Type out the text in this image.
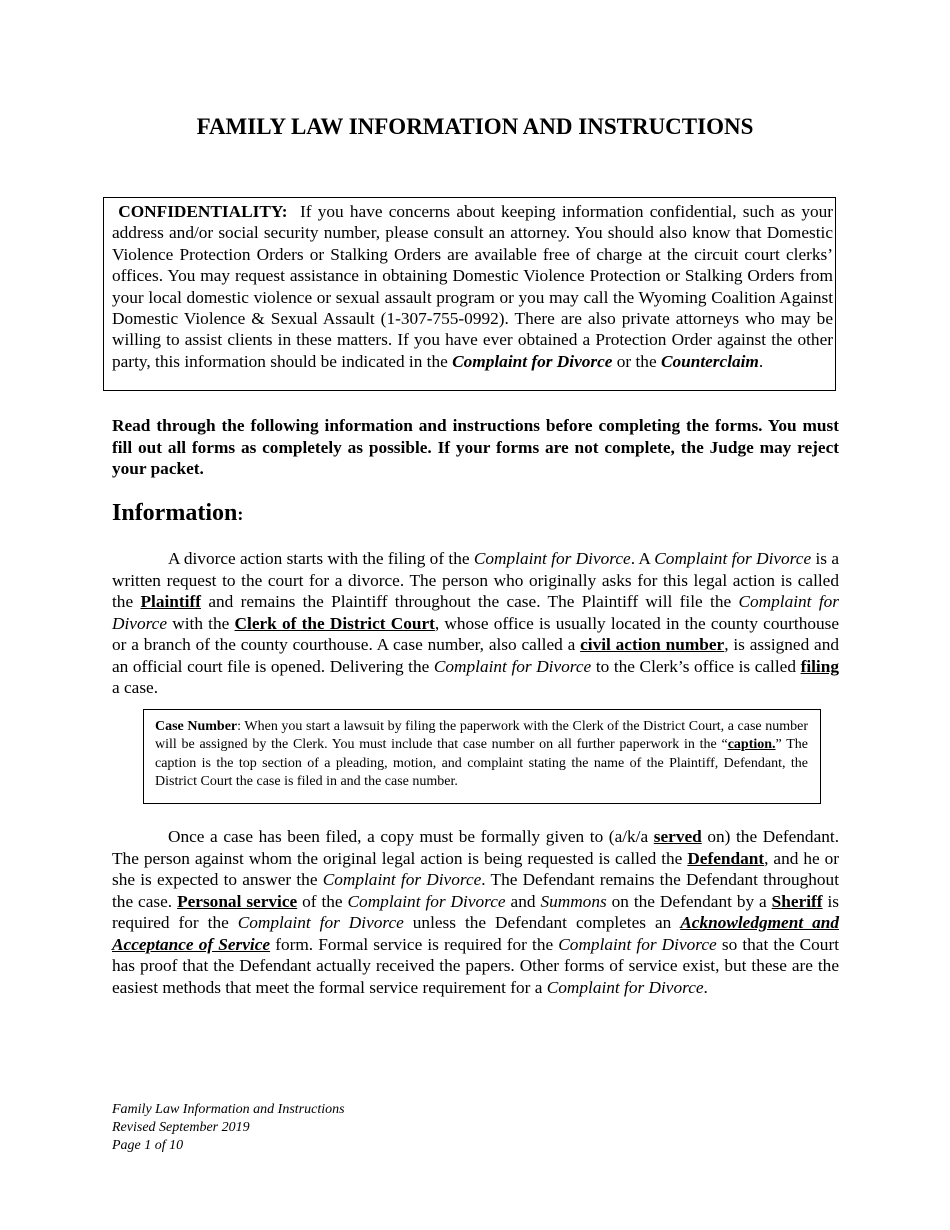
FAMILY LAW INFORMATION AND INSTRUCTIONS

CONFIDENTIALITY: If you have concerns about keeping information confidential, such as your address and/or social security number, please consult an attorney. You should also know that Domestic Violence Protection Orders or Stalking Orders are available free of charge at the circuit court clerks’ offices. You may request assistance in obtaining Domestic Violence Protection or Stalking Orders from your local domestic violence or sexual assault program or you may call the Wyoming Coalition Against Domestic Violence & Sexual Assault (1-307-755-0992). There are also private attorneys who may be willing to assist clients in these matters. If you have ever obtained a Protection Order against the other party, this information should be indicated in the Complaint for Divorce or the Counterclaim.

Read through the following information and instructions before completing the forms. You must fill out all forms as completely as possible. If your forms are not complete, the Judge may reject your packet.

Information:

A divorce action starts with the filing of the Complaint for Divorce. A Complaint for Divorce is a written request to the court for a divorce. The person who originally asks for this legal action is called the Plaintiff and remains the Plaintiff throughout the case. The Plaintiff will file the Complaint for Divorce with the Clerk of the District Court, whose office is usually located in the county courthouse or a branch of the county courthouse. A case number, also called a civil action number, is assigned and an official court file is opened. Delivering the Complaint for Divorce to the Clerk’s office is called filing a case.

Case Number: When you start a lawsuit by filing the paperwork with the Clerk of the District Court, a case number will be assigned by the Clerk. You must include that case number on all further paperwork in the “caption.” The caption is the top section of a pleading, motion, and complaint stating the name of the Plaintiff, Defendant, the District Court the case is filed in and the case number.

Once a case has been filed, a copy must be formally given to (a/k/a served on) the Defendant. The person against whom the original legal action is being requested is called the Defendant, and he or she is expected to answer the Complaint for Divorce. The Defendant remains the Defendant throughout the case. Personal service of the Complaint for Divorce and Summons on the Defendant by a Sheriff is required for the Complaint for Divorce unless the Defendant completes an Acknowledgment and Acceptance of Service form. Formal service is required for the Complaint for Divorce so that the Court has proof that the Defendant actually received the papers. Other forms of service exist, but these are the easiest methods that meet the formal service requirement for a Complaint for Divorce.

Family Law Information and Instructions
Revised September 2019
Page 1 of 10
